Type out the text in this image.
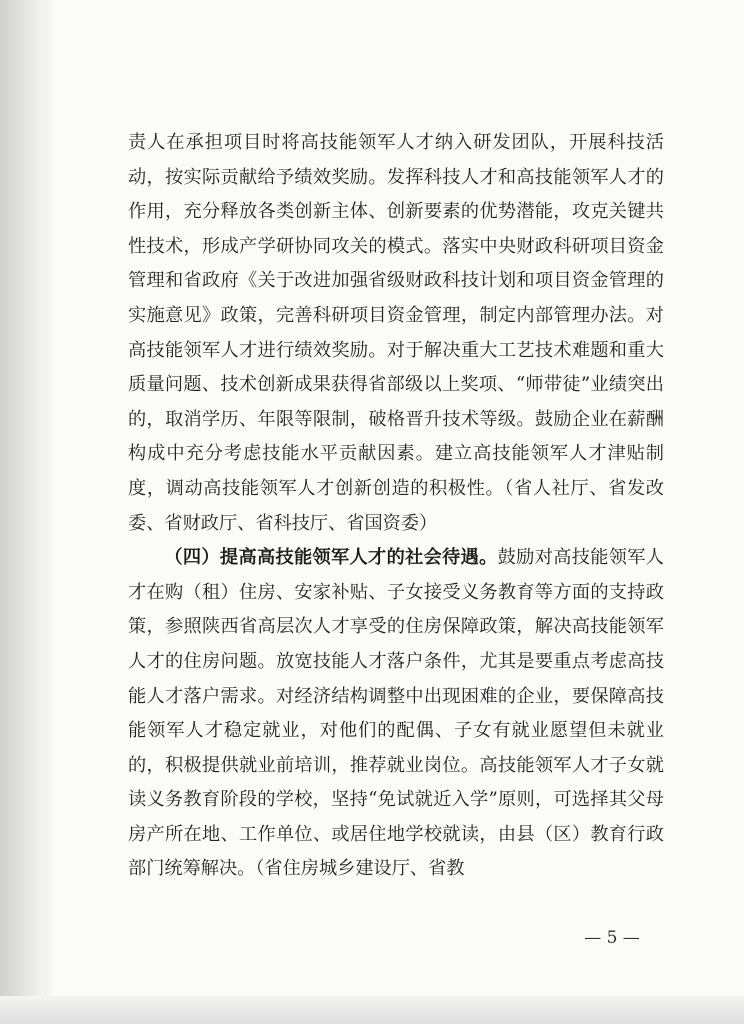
责人在承担项目时将高技能领军人才纳入研发团队，开展科技活动，按实际贡献给予绩效奖励。发挥科技人才和高技能领军人才的作用，充分释放各类创新主体、创新要素的优势潜能，攻克关键共性技术，形成产学研协同攻关的模式。落实中央财政科研项目资金管理和省政府《关于改进加强省级财政科技计划和项目资金管理的实施意见》政策，完善科研项目资金管理，制定内部管理办法。对高技能领军人才进行绩效奖励。对于解决重大工艺技术难题和重大质量问题、技术创新成果获得省部级以上奖项、“师带徒”业绩突出的，取消学历、年限等限制，破格晋升技术等级。鼓励企业在薪酬构成中充分考虑技能水平贡献因素。建立高技能领军人才津贴制度，调动高技能领军人才创新创造的积极性。（省人社厅、省发改委、省财政厅、省科技厅、省国资委）

（四）提高高技能领军人才的社会待遇。鼓励对高技能领军人才在购（租）住房、安家补贴、子女接受义务教育等方面的支持政策，参照陕西省高层次人才享受的住房保障政策，解决高技能领军人才的住房问题。放宽技能人才落户条件，尤其是要重点考虑高技能人才落户需求。对经济结构调整中出现困难的企业，要保障高技能领军人才稳定就业，对他们的配偶、子女有就业愿望但未就业的，积极提供就业前培训，推荐就业岗位。高技能领军人才子女就读义务教育阶段的学校，坚持“免试就近入学”原则，可选择其父母房产所在地、工作单位、或居住地学校就读，由县（区）教育行政部门统筹解决。（省住房城乡建设厅、省教

— 5 —
